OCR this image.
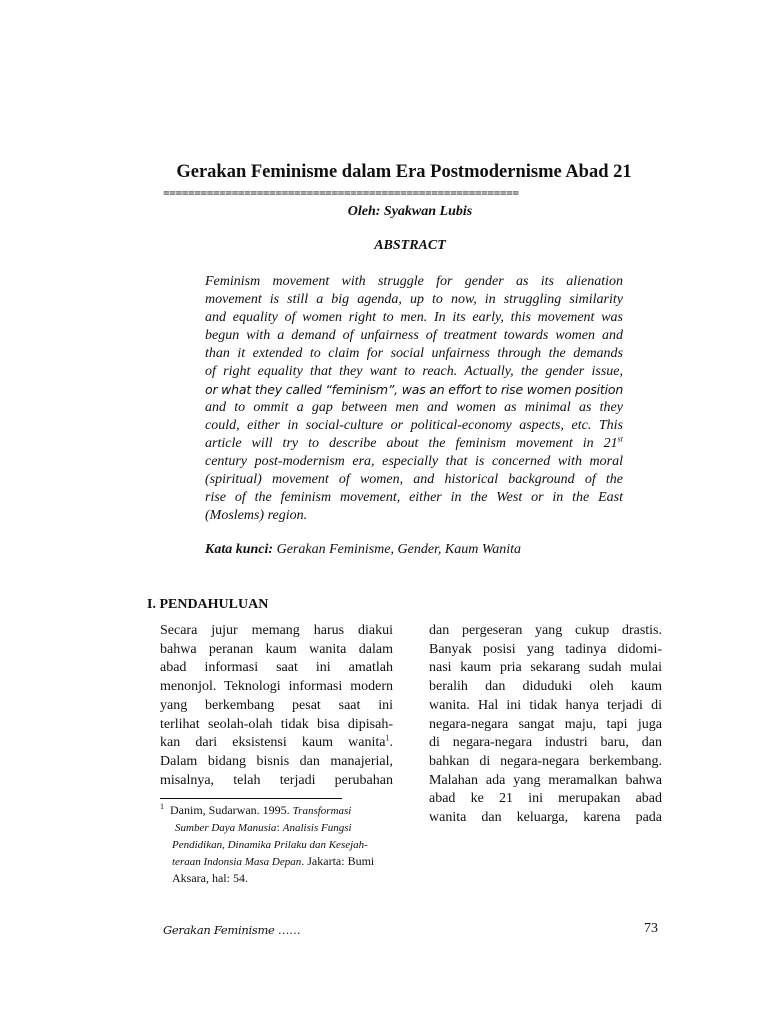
Gerakan Feminisme dalam Era Postmodernisme Abad 21
=========================================================
Oleh: Syakwan Lubis
ABSTRACT
Feminism movement with struggle for gender as its alienation
movement is still a big agenda, up to now, in struggling similarity
and equality of women right to men. In its early, this movement was
begun with a demand of unfairness of treatment towards women and
than it extended to claim for social unfairness through the demands
of right equality that they want to reach. Actually, the gender issue,
or what they called “feminism”, was an effort to rise women position
and to ommit a gap between men and women as minimal as they
could, either in social-culture or political-economy aspects, etc. This
article will try to describe about the feminism movement in 21st
century post-modernism era, especially that is concerned with moral
(spiritual) movement of women, and historical background of the
rise of the feminism movement, either in the West or in the East
(Moslems) region.
Kata kunci: Gerakan Feminisme, Gender, Kaum Wanita
I. PENDAHULUAN
Secara jujur memang harus diakui
bahwa peranan kaum wanita dalam
abad informasi saat ini amatlah
menonjol. Teknologi informasi modern
yang berkembang pesat saat ini
terlihat seolah-olah tidak bisa dipisah-
kan dari eksistensi kaum wanita$^1$.
Dalam bidang bisnis dan manajerial,
misalnya, telah terjadi perubahan
dan pergeseran yang cukup drastis.
Banyak posisi yang tadinya didomi-
nasi kaum pria sekarang sudah mulai
beralih dan diduduki oleh kaum
wanita. Hal ini tidak hanya terjadi di
negara-negara sangat maju, tapi juga
di negara-negara industri baru, dan
bahkan di negara-negara berkembang.
Malahan ada yang meramalkan bahwa
abad ke 21 ini merupakan abad
wanita dan keluarga, karena pada
$^1$ Danim, Sudarwan. 1995. Transformasi
Sumber Daya Manusia: Analisis Fungsi
Pendidikan, Dinamika Prilaku dan Kesejah-
teraan Indonsia Masa Depan. Jakarta: Bumi
Aksara, hal: 54.
Gerakan Feminisme ……	73
